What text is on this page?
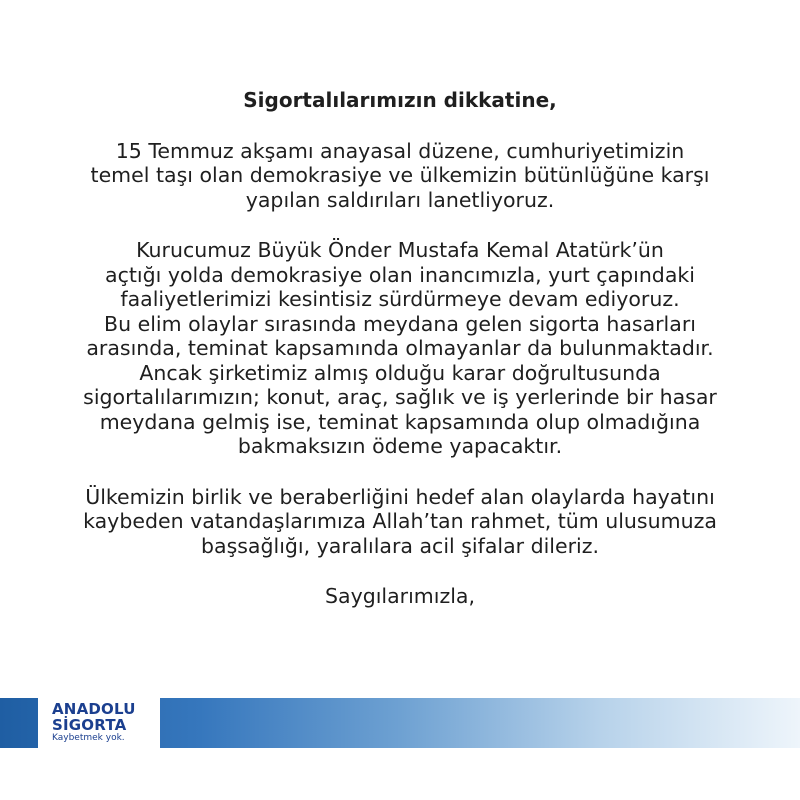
Sigortalılarımızın dikkatine,

15 Temmuz akşamı anayasal düzene, cumhuriyetimizin
temel taşı olan demokrasiye ve ülkemizin bütünlüğüne karşı
yapılan saldırıları lanetliyoruz.

Kurucumuz Büyük Önder Mustafa Kemal Atatürk’ün
açtığı yolda demokrasiye olan inancımızla, yurt çapındaki
faaliyetlerimizi kesintisiz sürdürmeye devam ediyoruz.
Bu elim olaylar sırasında meydana gelen sigorta hasarları
arasında, teminat kapsamında olmayanlar da bulunmaktadır.
Ancak şirketimiz almış olduğu karar doğrultusunda
sigortalılarımızın; konut, araç, sağlık ve iş yerlerinde bir hasar
meydana gelmiş ise, teminat kapsamında olup olmadığına
bakmaksızın ödeme yapacaktır.

Ülkemizin birlik ve beraberliğini hedef alan olaylarda hayatını
kaybeden vatandaşlarımıza Allah’tan rahmet, tüm ulusumuza
başsağlığı, yaralılara acil şifalar dileriz.

Saygılarımızla,

ANADOLU
SİGORTA
Kaybetmek yok.
